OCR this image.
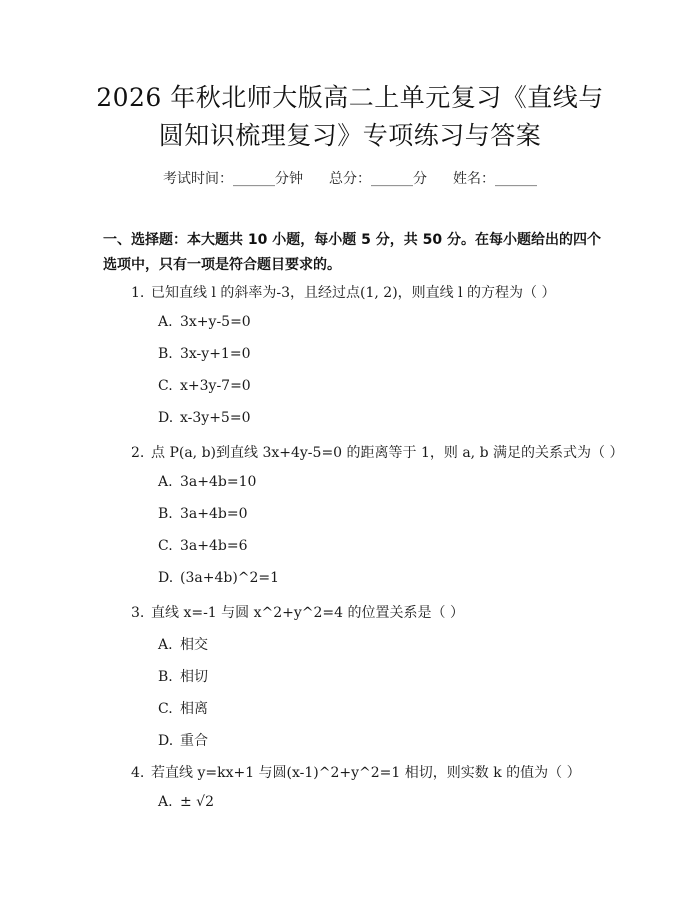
2026 年秋北师大版高二上单元复习《直线与
圆知识梳理复习》专项练习与答案
考试时间：______分钟 总分：______分 姓名：______
一、选择题：本大题共 10 小题，每小题 5 分，共 50 分。在每小题给出的四个选项中，只有一项是符合题目要求的。
1. 已知直线 l 的斜率为-3，且经过点(1, 2)，则直线 l 的方程为（ ）
A. 3x+y-5=0
B. 3x-y+1=0
C. x+3y-7=0
D. x-3y+5=0
2. 点 P(a, b)到直线 3x+4y-5=0 的距离等于 1，则 a, b 满足的关系式为（ ）
A. 3a+4b=10
B. 3a+4b=0
C. 3a+4b=6
D. (3a+4b)^2=1
3. 直线 x=-1 与圆 x^2+y^2=4 的位置关系是（ ）
A. 相交
B. 相切
C. 相离
D. 重合
4. 若直线 y=kx+1 与圆(x-1)^2+y^2=1 相切，则实数 k 的值为（ ）
A. ± √2
